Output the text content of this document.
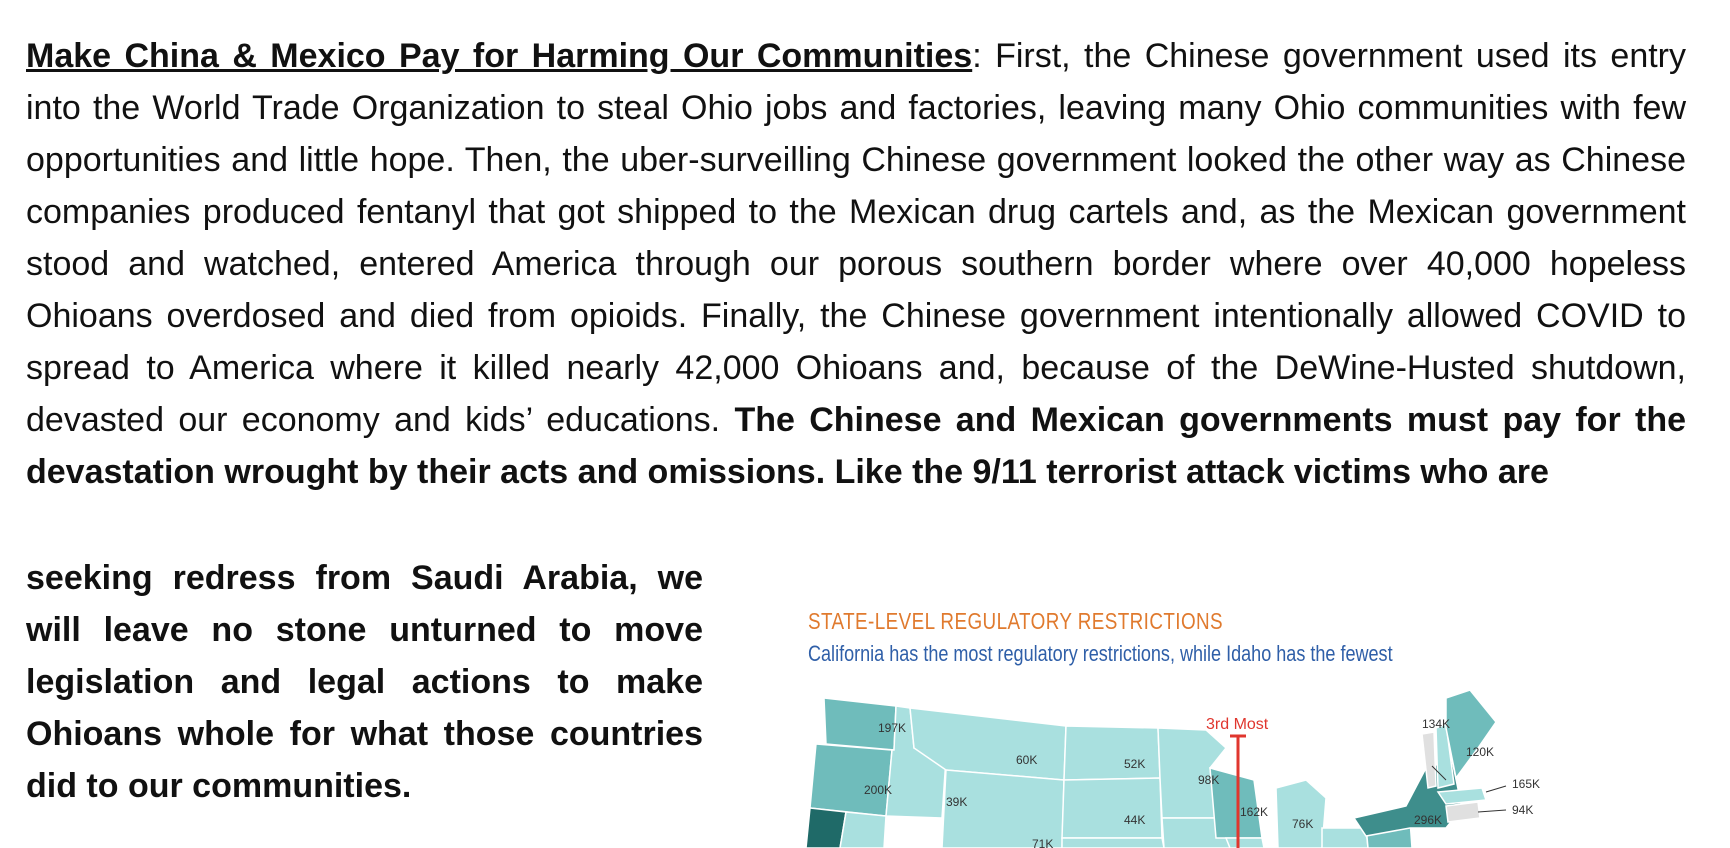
Make China & Mexico Pay for Harming Our Communities: First, the Chinese government used its entry into the World Trade Organization to steal Ohio jobs and factories, leaving many Ohio communities with few opportunities and little hope. Then, the uber-surveilling Chinese government looked the other way as Chinese companies produced fentanyl that got shipped to the Mexican drug cartels and, as the Mexican government stood and watched, entered America through our porous southern border where over 40,000 hopeless Ohioans overdosed and died from opioids. Finally, the Chinese government intentionally allowed COVID to spread to America where it killed nearly 42,000 Ohioans and, because of the DeWine-Husted shutdown, devasted our economy and kids’ educations. The Chinese and Mexican governments must pay for the devastation wrought by their acts and omissions. Like the 9/11 terrorist attack victims who are

seeking redress from Saudi Arabia, we will leave no stone unturned to move legislation and legal actions to make Ohioans whole for what those countries did to our communities.

STATE-LEVEL REGULATORY RESTRICTIONS
California has the most regulatory restrictions, while Idaho has the fewest
3rd Most
197K
200K
39K
60K
71K
52K
44K
98K
162K
76K	296K
134K
120K
165K
94K
